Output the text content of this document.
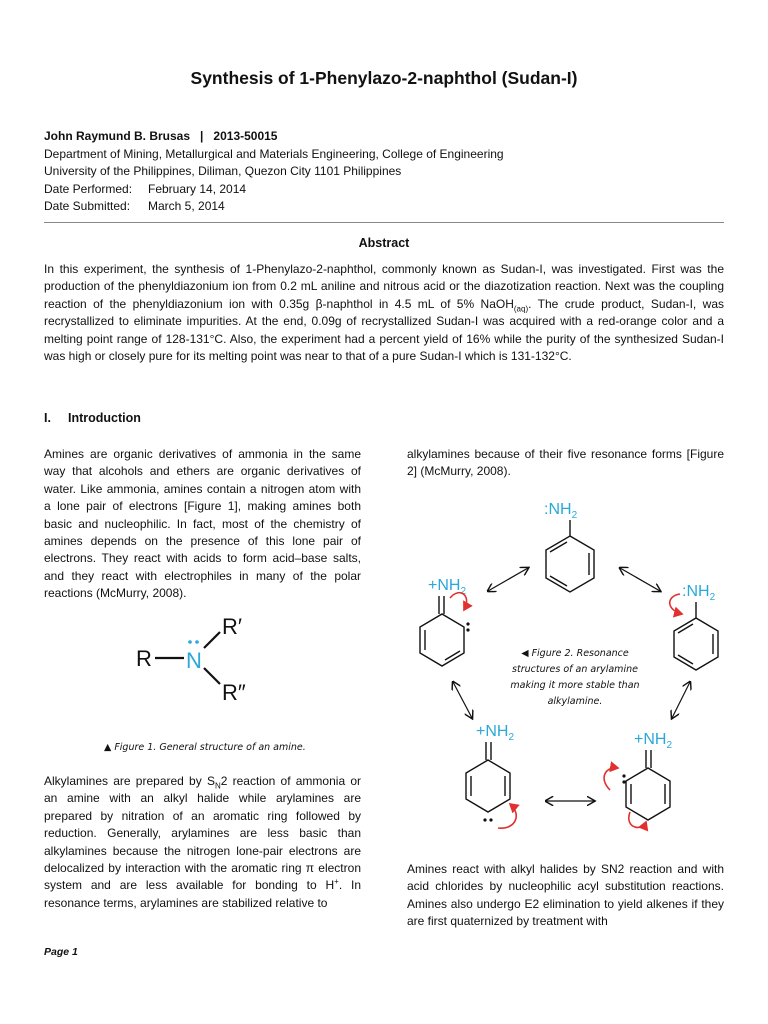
Synthesis of 1-Phenylazo-2-naphthol (Sudan-I)
John Raymund B. Brusas | 2013-50015
Department of Mining, Metallurgical and Materials Engineering, College of Engineering
University of the Philippines, Diliman, Quezon City 1101 Philippines
Date Performed: February 14, 2014
Date Submitted: March 5, 2014
Abstract
In this experiment, the synthesis of 1-Phenylazo-2-naphthol, commonly known as Sudan-I, was investigated. First was the production of the phenyldiazonium ion from 0.2 mL aniline and nitrous acid or the diazotization reaction. Next was the coupling reaction of the phenyldiazonium ion with 0.35g β-naphthol in 4.5 mL of 5% NaOH$_{(aq)}$. The crude product, Sudan-I, was recrystallized to eliminate impurities. At the end, 0.09g of recrystallized Sudan-I was acquired with a red-orange color and a melting point range of 128-131°C. Also, the experiment had a percent yield of 16% while the purity of the synthesized Sudan-I was high or closely pure for its melting point was near to that of a pure Sudan-I which is 131-132°C.
I. Introduction
Amines are organic derivatives of ammonia in the same way that alcohols and ethers are organic derivatives of water. Like ammonia, amines contain a nitrogen atom with a lone pair of electrons [Figure 1], making amines both basic and nucleophilic. In fact, most of the chemistry of amines depends on the presence of this lone pair of electrons. They react with acids to form acid–base salts, and they react with electrophiles in many of the polar reactions (McMurry, 2008).
R N
R′
R″
▲ Figure 1. General structure of an amine.
Alkylamines are prepared by $S_N2$ reaction of ammonia or an amine with an alkyl halide while arylamines are prepared by nitration of an aromatic ring followed by reduction. Generally, arylamines are less basic than alkylamines because the nitrogen lone-pair electrons are delocalized by interaction with the aromatic ring π electron system and are less available for bonding to H+. In resonance terms, arylamines are stabilized relative to
alkylamines because of their five resonance forms [Figure 2] (McMurry, 2008).
$:NH_2$
$+NH_2$	$:NH_2$
$+NH_2$	$+NH_2$
◀ Figure 2. Resonance
structures of an arylamine
making it more stable than
alkylamine.
Amines react with alkyl halides by SN2 reaction and with acid chlorides by nucleophilic acyl substitution reactions. Amines also undergo E2 elimination to yield alkenes if they are first quaternized by treatment with
Page 1
